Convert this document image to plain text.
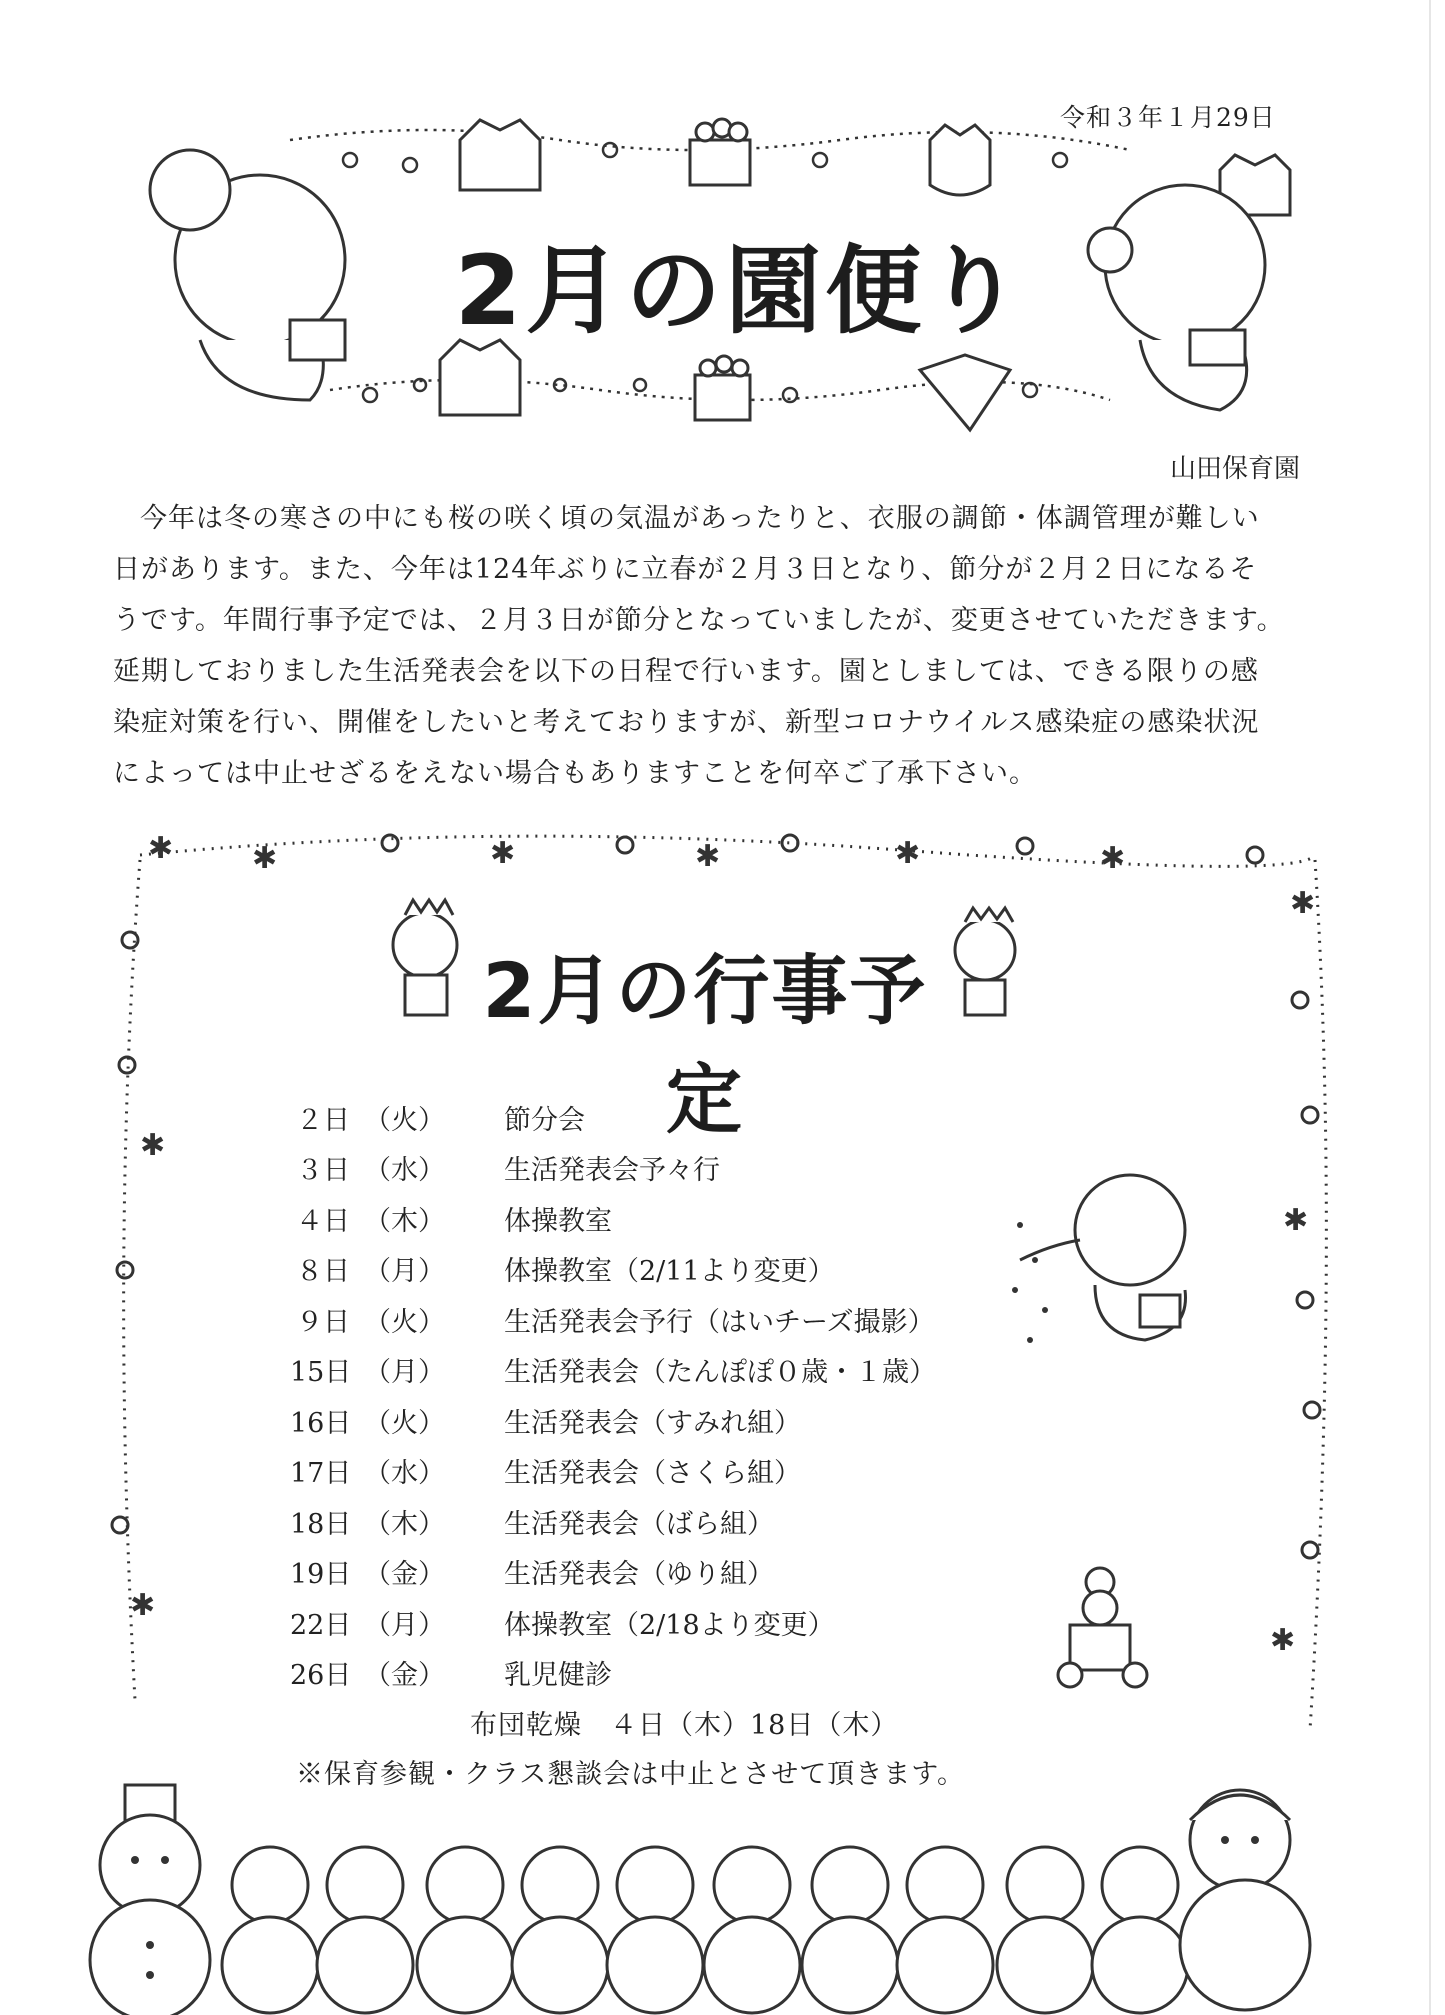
✱	✱	✱	✱	✱	✱
✱
✱
✱
✱
✱
令和３年１月29日
2月の園便り
山田保育園
今年は冬の寒さの中にも桜の咲く頃の気温があったりと、衣服の調節・体調管理が難しい
日があります。また、今年は124年ぶりに立春が２月３日となり、節分が２月２日になるそ
うです。年間行事予定では、２月３日が節分となっていましたが、変更させていただきます。
延期しておりました生活発表会を以下の日程で行います。園としましては、できる限りの感
染症対策を行い、開催をしたいと考えておりますが、新型コロナウイルス感染症の感染状況
によっては中止せざるをえない場合もありますことを何卒ご了承下さい。
2月の行事予定
２日 （火）	節分会
３日 （水）	生活発表会予々行
４日 （木）	体操教室
８日 （月）	体操教室（2/11より変更）
９日 （火）	生活発表会予行（はいチーズ撮影）
15日 （月）	生活発表会（たんぽぽ０歳・１歳）
16日 （火）	生活発表会（すみれ組）
17日 （水）	生活発表会（さくら組）
18日 （木）	生活発表会（ばら組）
19日 （金）	生活発表会（ゆり組）
22日 （月）	体操教室（2/18より変更）
26日 （金）	乳児健診
布団乾燥　４日（木）18日（木）
※保育参観・クラス懇談会は中止とさせて頂きます。
